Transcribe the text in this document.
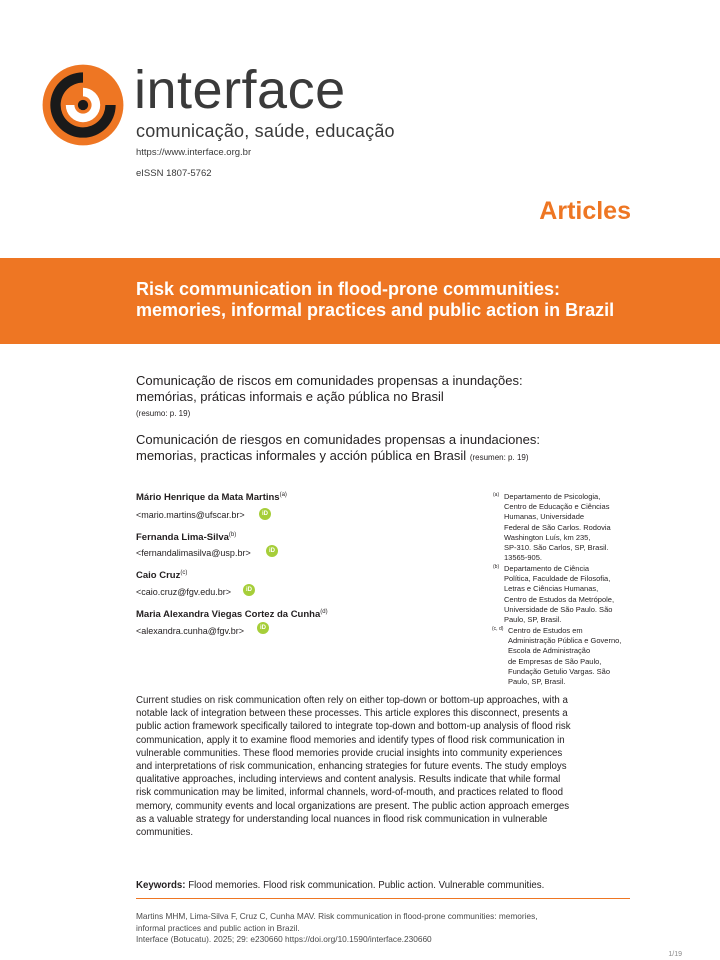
interface
comunicação, saúde, educação
https://www.interface.org.br
eISSN 1807-5762
Articles
Risk communication in flood-prone communities:
memories, informal practices and public action in Brazil
Comunicação de riscos em comunidades propensas a inundações:
memórias, práticas informais e ação pública no Brasil
(resumo: p. 19)
Comunicación de riesgos en comunidades propensas a inundaciones:
memorias, practicas informales y acción pública en Brasil (resumen: p. 19)
Mário Henrique da Mata Martins$^{(a)}$
<mario.martins@ufscar.br>	iD
Fernanda Lima-Silva$^{(b)}$
<fernandalimasilva@usp.br>	iD
Caio Cruz$^{(c)}$
<caio.cruz@fgv.edu.br>	iD
Maria Alexandra Viegas Cortez da Cunha$^{(d)}$
<alexandra.cunha@fgv.br>	iD
(a) Departamento de Psicologia,
Centro de Educação e Ciências
Humanas, Universidade
Federal de São Carlos. Rodovia
Washington Luís, km 235,
SP-310. São Carlos, SP, Brasil.
13565-905.
(b) Departamento de Ciência
Política, Faculdade de Filosofia,
Letras e Ciências Humanas,
Centro de Estudos da Metrópole,
Universidade de São Paulo. São
Paulo, SP, Brasil.
(c, d) Centro de Estudos em
Administração Pública e Governo,
Escola de Administração
de Empresas de São Paulo,
Fundação Getulio Vargas. São
Paulo, SP, Brasil.
Current studies on risk communication often rely on either top-down or bottom-up approaches, with a
notable lack of integration between these processes. This article explores this disconnect, presents a
public action framework specifically tailored to integrate top-down and bottom-up analysis of flood risk
communication, apply it to examine flood memories and identify types of flood risk communication in
vulnerable communities. These flood memories provide crucial insights into community experiences
and interpretations of risk communication, enhancing strategies for future events. The study employs
qualitative approaches, including interviews and content analysis. Results indicate that while formal
risk communication may be limited, informal channels, word-of-mouth, and practices related to flood
memory, community events and local organizations are present. The public action approach emerges
as a valuable strategy for understanding local nuances in flood risk communication in vulnerable
communities.
Keywords: Flood memories. Flood risk communication. Public action. Vulnerable communities.
Martins MHM, Lima-Silva F, Cruz C, Cunha MAV. Risk communication in flood-prone communities: memories,
informal practices and public action in Brazil.
Interface (Botucatu). 2025; 29: e230660 https://doi.org/10.1590/interface.230660
1/19
